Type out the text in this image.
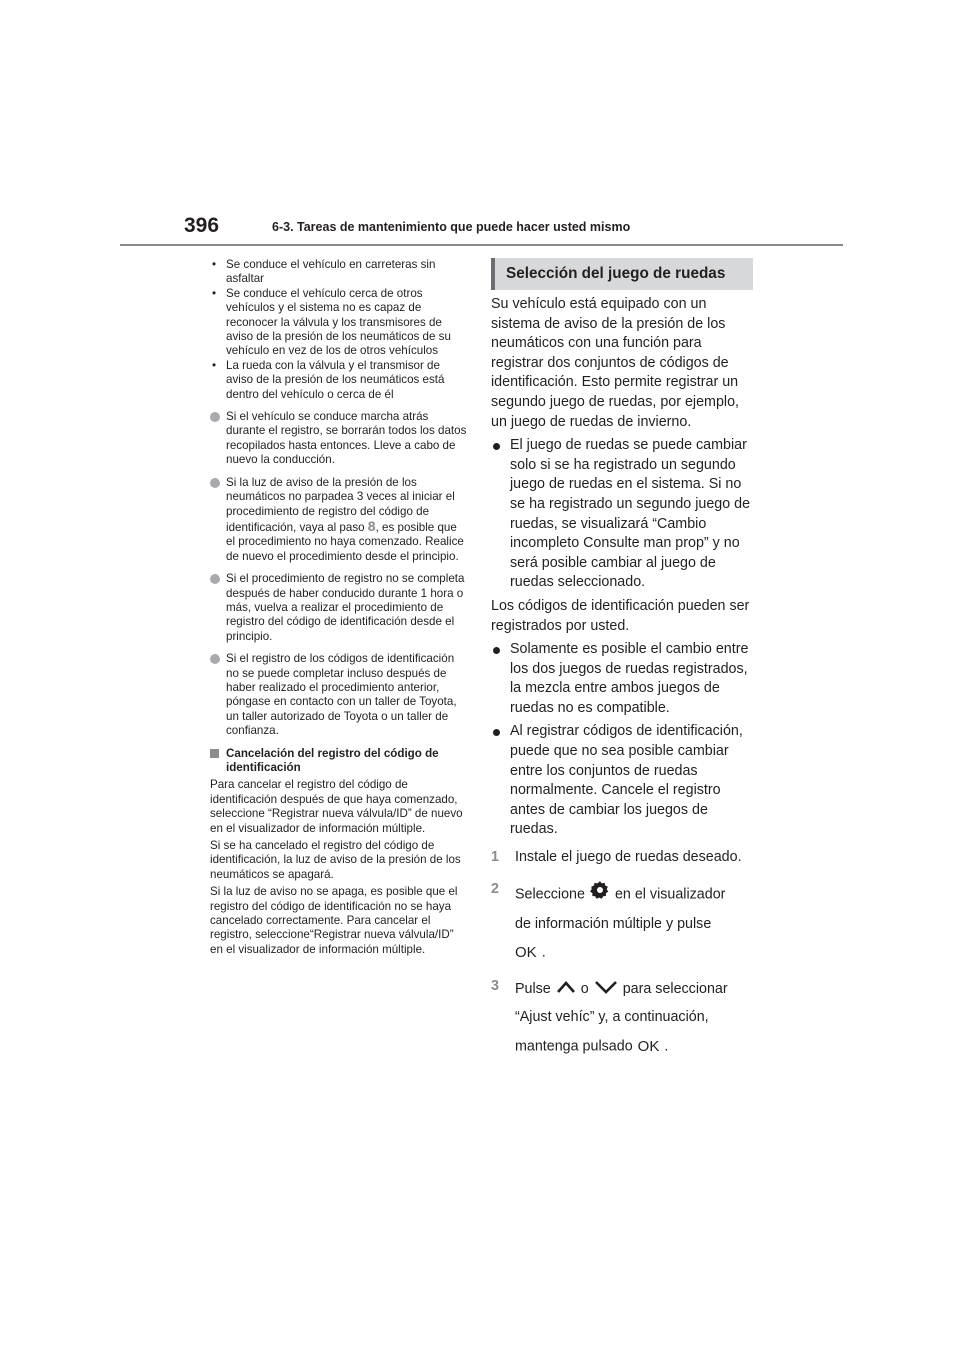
396	6-3. Tareas de mantenimiento que puede hacer usted mismo

• Se conduce el vehículo en carreteras sin asfaltar

• Se conduce el vehículo cerca de otros vehículos y el sistema no es capaz de reconocer la válvula y los transmisores de aviso de la presión de los neumáticos de su vehículo en vez de los de otros vehículos

• La rueda con la válvula y el transmisor de aviso de la presión de los neumáticos está dentro del vehículo o cerca de él

Si el vehículo se conduce marcha atrás durante el registro, se borrarán todos los datos recopilados hasta entonces. Lleve a cabo de nuevo la conducción.

Si la luz de aviso de la presión de los neumáticos no parpadea 3 veces al iniciar el procedimiento de registro del código de identificación, vaya al paso 8, es posible que el procedimiento no haya comenzado. Realice de nuevo el procedimiento desde el principio.

Si el procedimiento de registro no se completa después de haber conducido durante 1 hora o más, vuelva a realizar el procedimiento de registro del código de identificación desde el principio.

Si el registro de los códigos de identificación no se puede completar incluso después de haber realizado el procedimiento anterior, póngase en contacto con un taller de Toyota, un taller autorizado de Toyota o un taller de confianza.

Cancelación del registro del código de identificación

Para cancelar el registro del código de identificación después de que haya comenzado, seleccione “Registrar nueva válvula/ID” de nuevo en el visualizador de información múltiple.

Si se ha cancelado el registro del código de identificación, la luz de aviso de la presión de los neumáticos se apagará.

Si la luz de aviso no se apaga, es posible que el registro del código de identificación no se haya cancelado correctamente. Para cancelar el registro, seleccione“Registrar nueva válvula/ID” en el visualizador de información múltiple.

Selección del juego de ruedas

Su vehículo está equipado con un sistema de aviso de la presión de los neumáticos con una función para registrar dos conjuntos de códigos de identificación. Esto permite registrar un segundo juego de ruedas, por ejemplo, un juego de ruedas de invierno.

El juego de ruedas se puede cambiar solo si se ha registrado un segundo juego de ruedas en el sistema. Si no se ha registrado un segundo juego de ruedas, se visualizará “Cambio incompleto Consulte man prop” y no será posible cambiar al juego de ruedas seleccionado.

Los códigos de identificación pueden ser registrados por usted.

Solamente es posible el cambio entre los dos juegos de ruedas registrados, la mezcla entre ambos juegos de ruedas no es compatible.

Al registrar códigos de identificación, puede que no sea posible cambiar entre los conjuntos de ruedas normalmente. Cancele el registro antes de cambiar los juegos de ruedas.

1 Instale el juego de ruedas deseado.

2 Seleccione en el visualizador

de información múltiple y pulse

OK .

3 Pulse o para seleccionar

“Ajust vehíc” y, a continuación,

mantenga pulsado OK .
